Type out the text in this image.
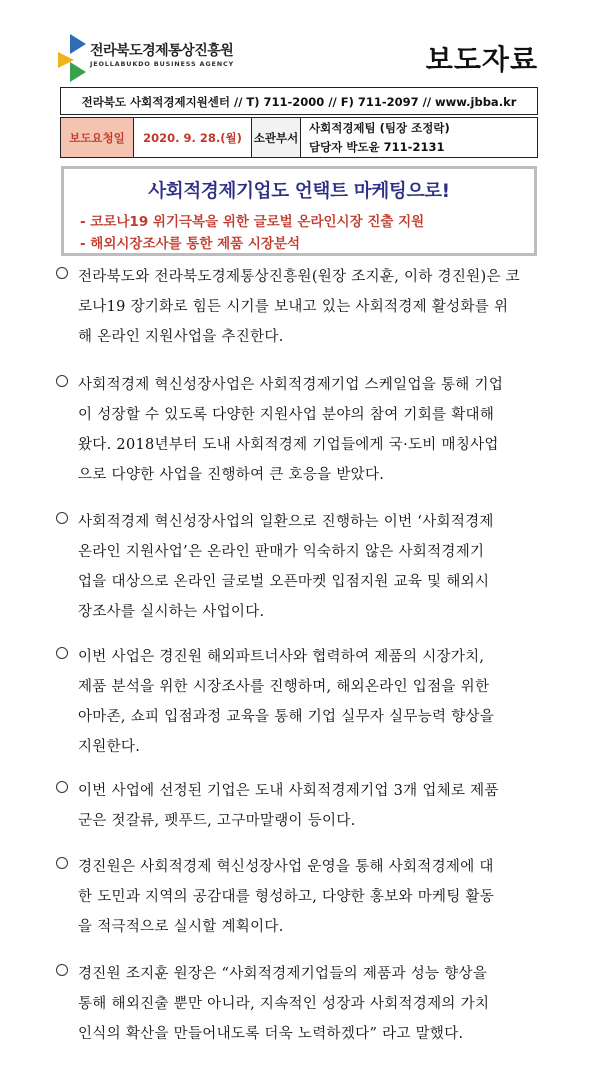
전라북도경제통상진흥원
JEOLLABUKDO BUSINESS AGENCY	보도자료
전라북도 사회적경제지원센터 // T) 711-2000 // F) 711-2097 // www.jbba.kr
보도요청일	2020. 9. 28.(월)	소관부서	
사회적경제팀 (팀장 조정락)
담당자 박도윤 711-2131
사회적경제기업도 언택트 마케팅으로!
- 코로나19 위기극복을 위한 글로벌 온라인시장 진출 지원
- 해외시장조사를 통한 제품 시장분석
전라북도와 전라북도경제통상진흥원(원장 조지훈, 이하 경진원)은 코
로나19 장기화로 힘든 시기를 보내고 있는 사회적경제 활성화를 위
해 온라인 지원사업을 추진한다.
사회적경제 혁신성장사업은 사회적경제기업 스케일업을 통해 기업
이 성장할 수 있도록 다양한 지원사업 분야의 참여 기회를 확대해
왔다. 2018년부터 도내 사회적경제 기업들에게 국·도비 매칭사업
으로 다양한 사업을 진행하여 큰 호응을 받았다.
사회적경제 혁신성장사업의 일환으로 진행하는 이번 ‘사회적경제
온라인 지원사업’은 온라인 판매가 익숙하지 않은 사회적경제기
업을 대상으로 온라인 글로벌 오픈마켓 입점지원 교육 및 해외시
장조사를 실시하는 사업이다.
이번 사업은 경진원 해외파트너사와 협력하여 제품의 시장가치,
제품 분석을 위한 시장조사를 진행하며, 해외온라인 입점을 위한
아마존, 쇼피 입점과정 교육을 통해 기업 실무자 실무능력 향상을
지원한다.
이번 사업에 선정된 기업은 도내 사회적경제기업 3개 업체로 제품
군은 젓갈류, 펫푸드, 고구마말랭이 등이다.
경진원은 사회적경제 혁신성장사업 운영을 통해 사회적경제에 대
한 도민과 지역의 공감대를 형성하고, 다양한 홍보와 마케팅 활동
을 적극적으로 실시할 계획이다.
경진원 조지훈 원장은 “사회적경제기업들의 제품과 성능 향상을
통해 해외진출 뿐만 아니라, 지속적인 성장과 사회적경제의 가치
인식의 확산을 만들어내도록 더욱 노력하겠다” 라고 말했다.
